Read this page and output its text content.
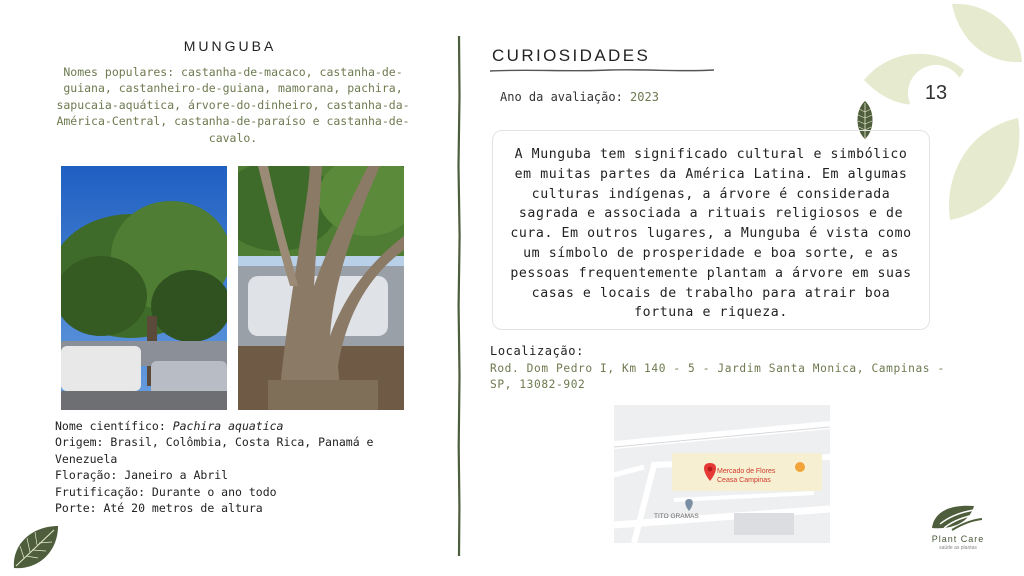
13
MUNGUBA
Nomes populares: castanha-de-macaco, castanha-de-guiana, castanheiro-de-guiana, mamorana, pachira, sapucaia-aquática, árvore-do-dinheiro, castanha-da-América-Central, castanha-de-paraíso e castanha-de-cavalo.
Nome científico: Pachira aquatica
Origem: Brasil, Colômbia, Costa Rica, Panamá e Venezuela
Floração: Janeiro a Abril
Frutificação: Durante o ano todo
Porte: Até 20 metros de altura
CURIOSIDADES
Ano da avaliação: 2023
A Munguba tem significado cultural e simbólico em muitas partes da América Latina. Em algumas culturas indígenas, a árvore é considerada sagrada e associada a rituais religiosos e de cura. Em outros lugares, a Munguba é vista como um símbolo de prosperidade e boa sorte, e as pessoas frequentemente plantam a árvore em suas casas e locais de trabalho para atrair boa fortuna e riqueza.
Localização:
Rod. Dom Pedro I, Km 140 - 5 - Jardim Santa Monica, Campinas - SP, 13082-902
Mercado de Flores
Ceasa Campinas
TITO GRAMAS
Plant Care
saúde as plantas
